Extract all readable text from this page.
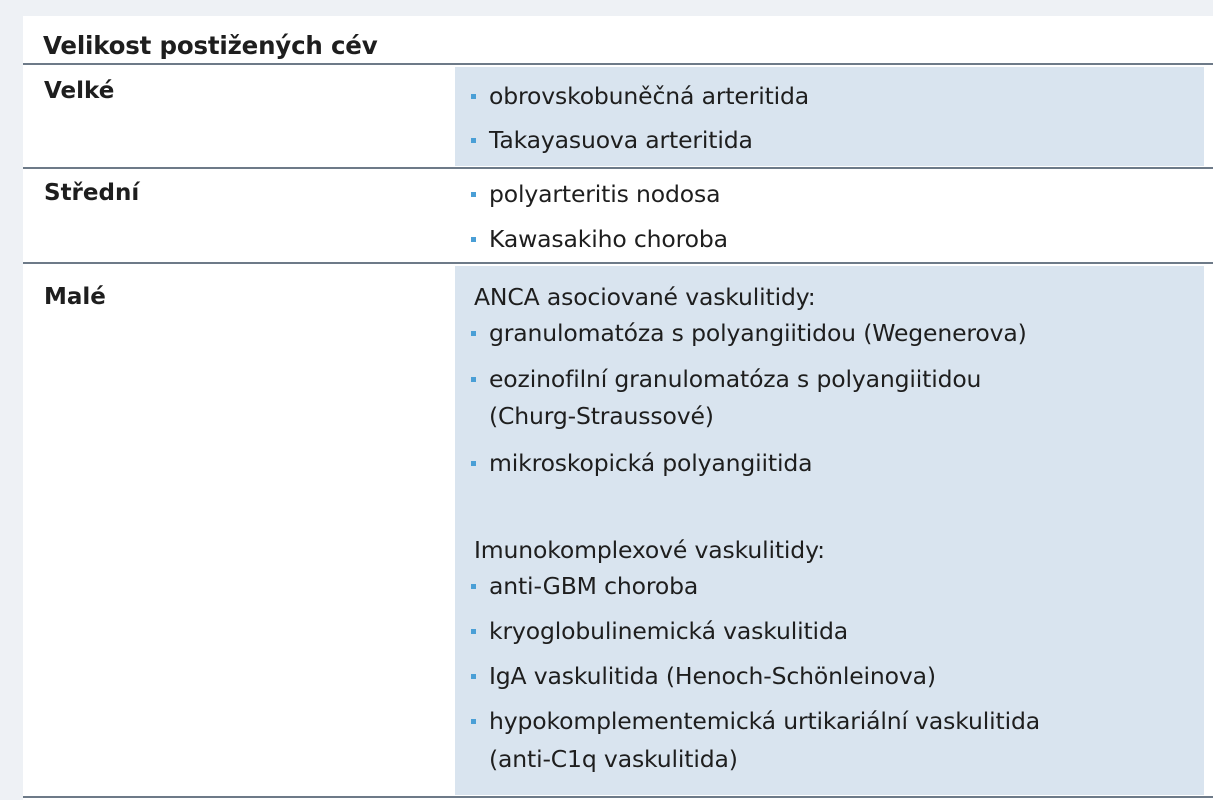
Velikost postižených cév
Velké	obrovskobuněčná arteritida
Takayasuova arteritida
Střední	polyarteritis nodosa
Kawasakiho choroba
Malé	ANCA asociované vaskulitidy:
granulomatóza s polyangiitidou (Wegenerova)
eozinofilní granulomatóza s polyangiitidou
(Churg-Straussové)
mikroskopická polyangiitida
Imunokomplexové vaskulitidy:
anti-GBM choroba
kryoglobulinemická vaskulitida
IgA vaskulitida (Henoch-Schönleinova)
hypokomplementemická urtikariální vaskulitida
(anti-C1q vaskulitida)
